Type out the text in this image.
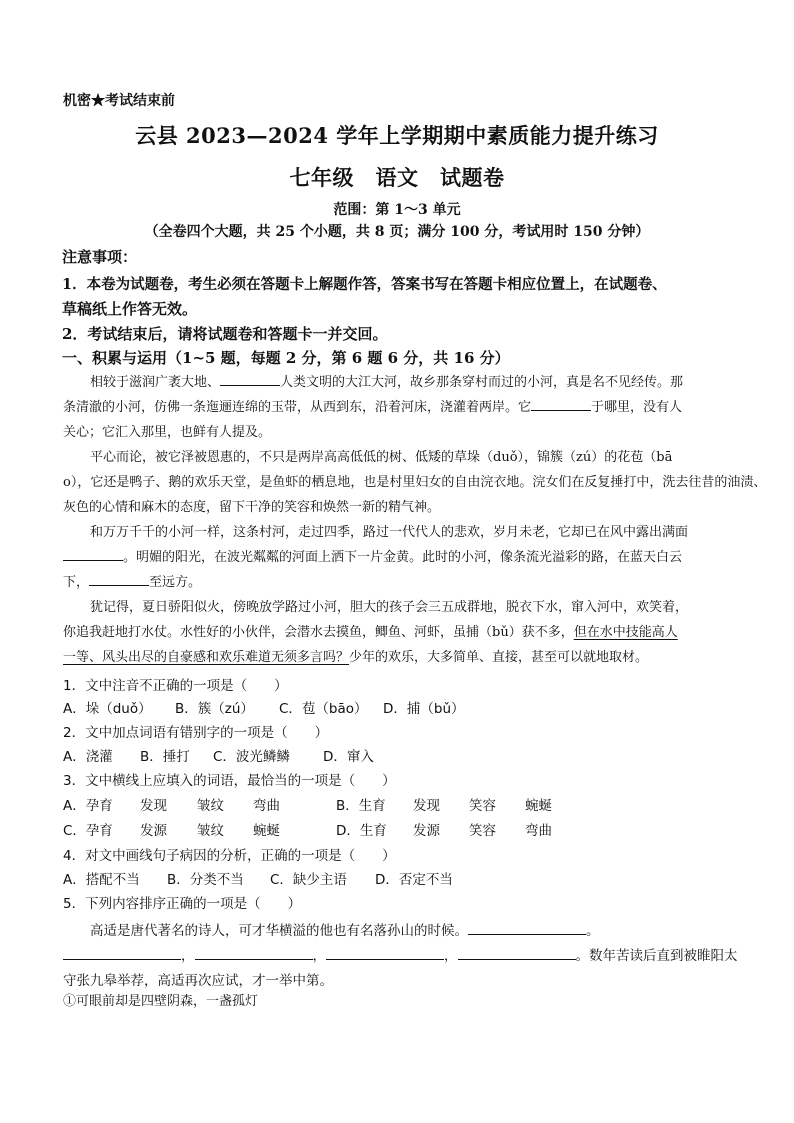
机密★考试结束前
云县 2023—2024 学年上学期期中素质能力提升练习
七年级　语文　试题卷
范围：第 1～3 单元
（全卷四个大题，共 25 个小题，共 8 页；满分 100 分，考试用时 150 分钟）
注意事项：
1．本卷为试题卷，考生必须在答题卡上解题作答，答案书写在答题卡相应位置上，在试题卷、
草稿纸上作答无效。
2．考试结束后，请将试题卷和答题卡一并交回。
一、积累与运用（1~5 题，每题 2 分，第 6 题 6 分，共 16 分）
相较于滋润广袤大地、	人类文明的大江大河，故乡那条穿村而过的小河，真是名不见经传。那
条清澈的小河，仿佛一条迤逦连绵的玉带，从西到东，沿着河床，浇灌着两岸。它	于哪里，没有人
关心；它汇入那里，也鲜有人提及。
平心而论，被它泽被恩惠的，不只是两岸高高低低的树、低矮的草垛（duǒ），锦簇（zú）的花苞（bā
o），它还是鸭子、鹅的欢乐天堂，是鱼虾的栖息地，也是村里妇女的自由浣衣地。浣女们在反复捶打中，洗去往昔的油渍、
灰色的心情和麻木的态度，留下干净的笑容和焕然一新的精气神。
和万万千千的小河一样，这条村河，走过四季，路过一代代人的悲欢，岁月未老，它却已在风中露出满面
。明媚的阳光，在波光粼粼的河面上洒下一片金黄。此时的小河，像条流光溢彩的路，在蓝天白云
下，	至远方。
犹记得，夏日骄阳似火，傍晚放学路过小河，胆大的孩子会三五成群地，脱衣下水，窜入河中，欢笑着，
你追我赶地打水仗。水性好的小伙伴，会潜水去摸鱼，鲫鱼、河虾，虽捕（bǔ）获不多，但在水中技能高人
一等、风头出尽的自豪感和欢乐难道无须多言吗？少年的欢乐，大多简单、直接，甚至可以就地取材。
1．文中注音不正确的一项是（　　）
A．垛（duǒ） B．簇（zú） C．苞（bāo） D．捕（bǔ）
2．文中加点词语有错别字的一项是（　　）
A．浇灌 B．捶打 C．波光鳞鳞 D．窜入
3．文中横线上应填入的词语，最恰当的一项是（　　）
A．孕育 发现 皱纹 弯曲	B．生育 发现 笑容 蜿蜒
C．孕育 发源 皱纹 蜿蜒	D．生育 发源 笑容 弯曲
4．对文中画线句子病因的分析，正确的一项是（　　）
A．搭配不当 B．分类不当 C．缺少主语 D．否定不当
5．下列内容排序正确的一项是（　　）
高适是唐代著名的诗人，可才华横溢的他也有名落孙山的时候。	。
，	，	，	。数年苦读后直到被睢阳太
守张九皋举荐，高适再次应试，才一举中第。
①可眼前却是四壁阴森，一盏孤灯
